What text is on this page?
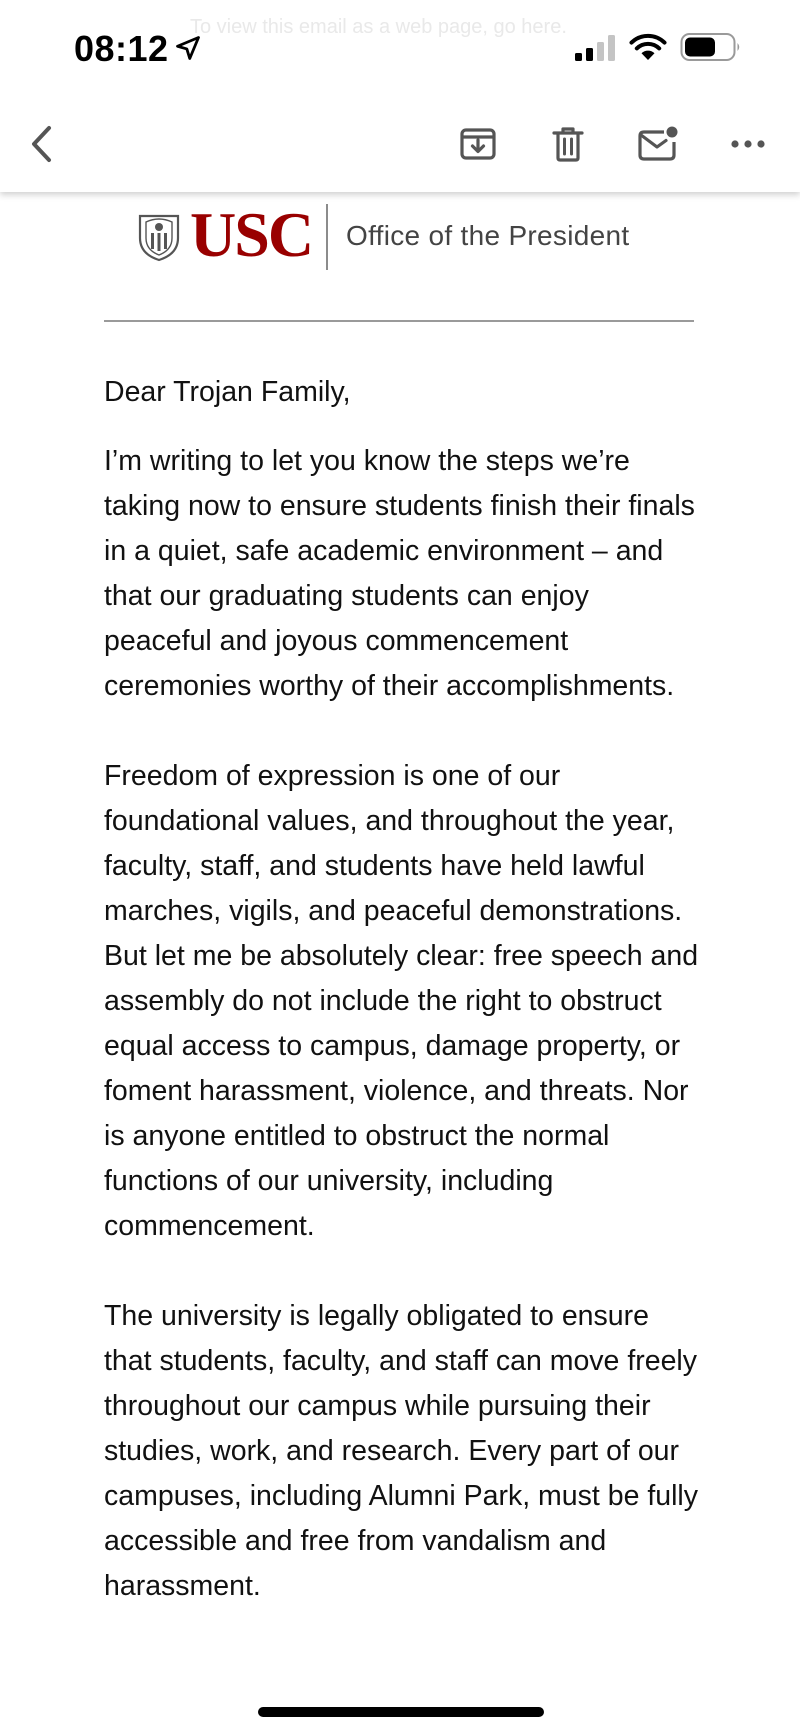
To view this email as a web page, go here.
08:12
USC Office of the President

Dear Trojan Family,

I’m writing to let you know the steps we’re taking now to ensure students finish their finals in a quiet, safe academic environment – and that our graduating students can enjoy peaceful and joyous commencement ceremonies worthy of their accomplishments.

Freedom of expression is one of our foundational values, and throughout the year, faculty, staff, and students have held lawful marches, vigils, and peaceful demonstrations. But let me be absolutely clear: free speech and assembly do not include the right to obstruct equal access to campus, damage property, or foment harassment, violence, and threats. Nor is anyone entitled to obstruct the normal functions of our university, including commencement.

The university is legally obligated to ensure that students, faculty, and staff can move freely throughout our campus while pursuing their studies, work, and research. Every part of our campuses, including Alumni Park, must be fully accessible and free from vandalism and harassment.
